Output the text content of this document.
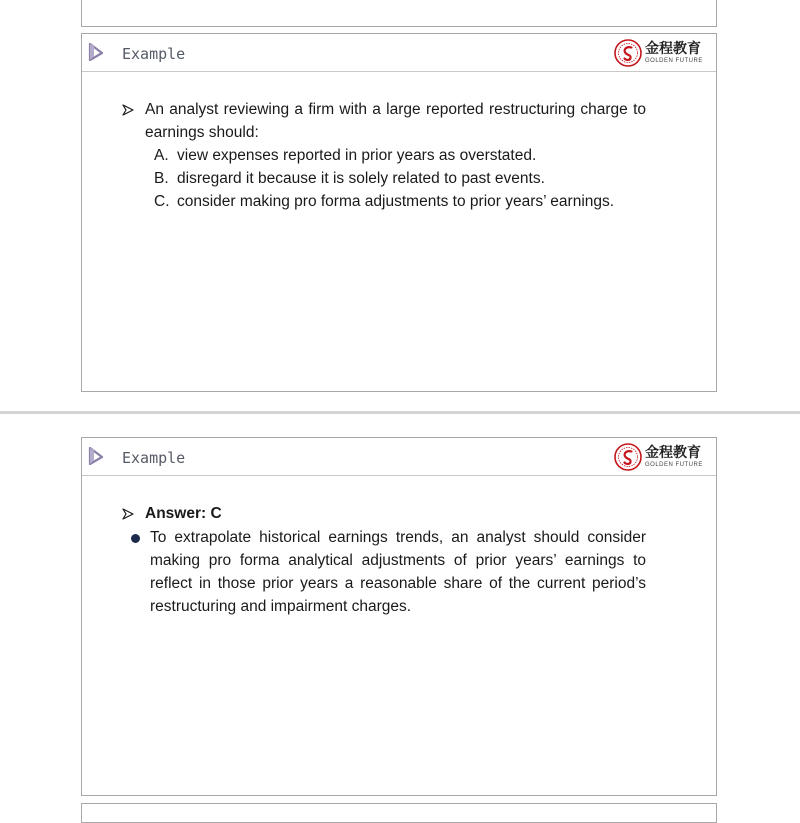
Example	金程教育
GOLDEN FUTURE
An analyst reviewing a firm with a large reported restructuring charge to earnings should:
A. view expenses reported in prior years as overstated.
B. disregard it because it is solely related to past events.
C. consider making pro forma adjustments to prior years’ earnings.
Example	金程教育
GOLDEN FUTURE
Answer: C
To extrapolate historical earnings trends, an analyst should consider making pro forma analytical adjustments of prior years’ earnings to reflect in those prior years a reasonable share of the current period’s restructuring and impairment charges.
